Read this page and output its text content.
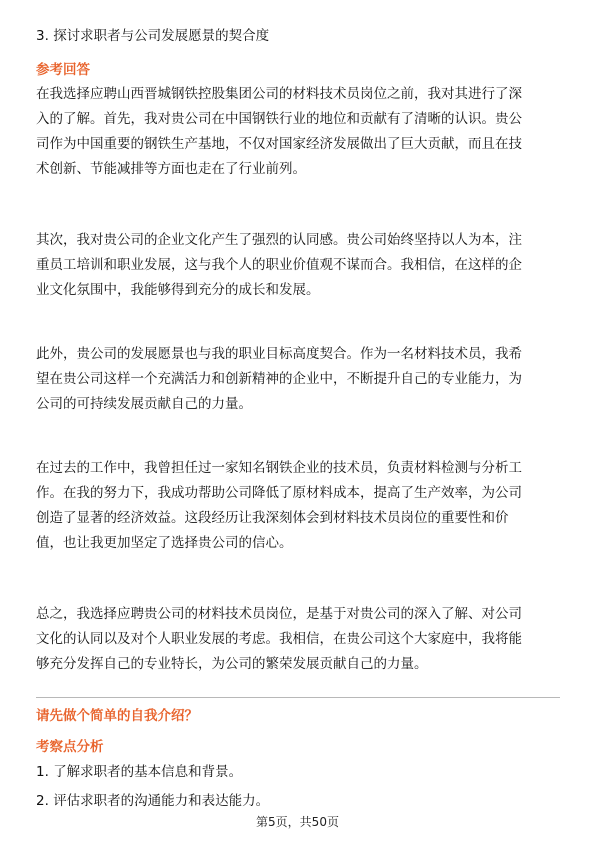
3. 探讨求职者与公司发展愿景的契合度
参考回答
在我选择应聘山西晋城钢铁控股集团公司的材料技术员岗位之前，我对其进行了深
入的了解。首先，我对贵公司在中国钢铁行业的地位和贡献有了清晰的认识。贵公
司作为中国重要的钢铁生产基地，不仅对国家经济发展做出了巨大贡献，而且在技
术创新、节能减排等方面也走在了行业前列。
其次，我对贵公司的企业文化产生了强烈的认同感。贵公司始终坚持以人为本，注
重员工培训和职业发展，这与我个人的职业价值观不谋而合。我相信，在这样的企
业文化氛围中，我能够得到充分的成长和发展。
此外，贵公司的发展愿景也与我的职业目标高度契合。作为一名材料技术员，我希
望在贵公司这样一个充满活力和创新精神的企业中，不断提升自己的专业能力，为
公司的可持续发展贡献自己的力量。
在过去的工作中，我曾担任过一家知名钢铁企业的技术员，负责材料检测与分析工
作。在我的努力下，我成功帮助公司降低了原材料成本，提高了生产效率，为公司
创造了显著的经济效益。这段经历让我深刻体会到材料技术员岗位的重要性和价
值，也让我更加坚定了选择贵公司的信心。
总之，我选择应聘贵公司的材料技术员岗位，是基于对贵公司的深入了解、对公司
文化的认同以及对个人职业发展的考虑。我相信，在贵公司这个大家庭中，我将能
够充分发挥自己的专业特长，为公司的繁荣发展贡献自己的力量。
请先做个简单的自我介绍？
考察点分析
1. 了解求职者的基本信息和背景。
2. 评估求职者的沟通能力和表达能力。
第5页，共50页
